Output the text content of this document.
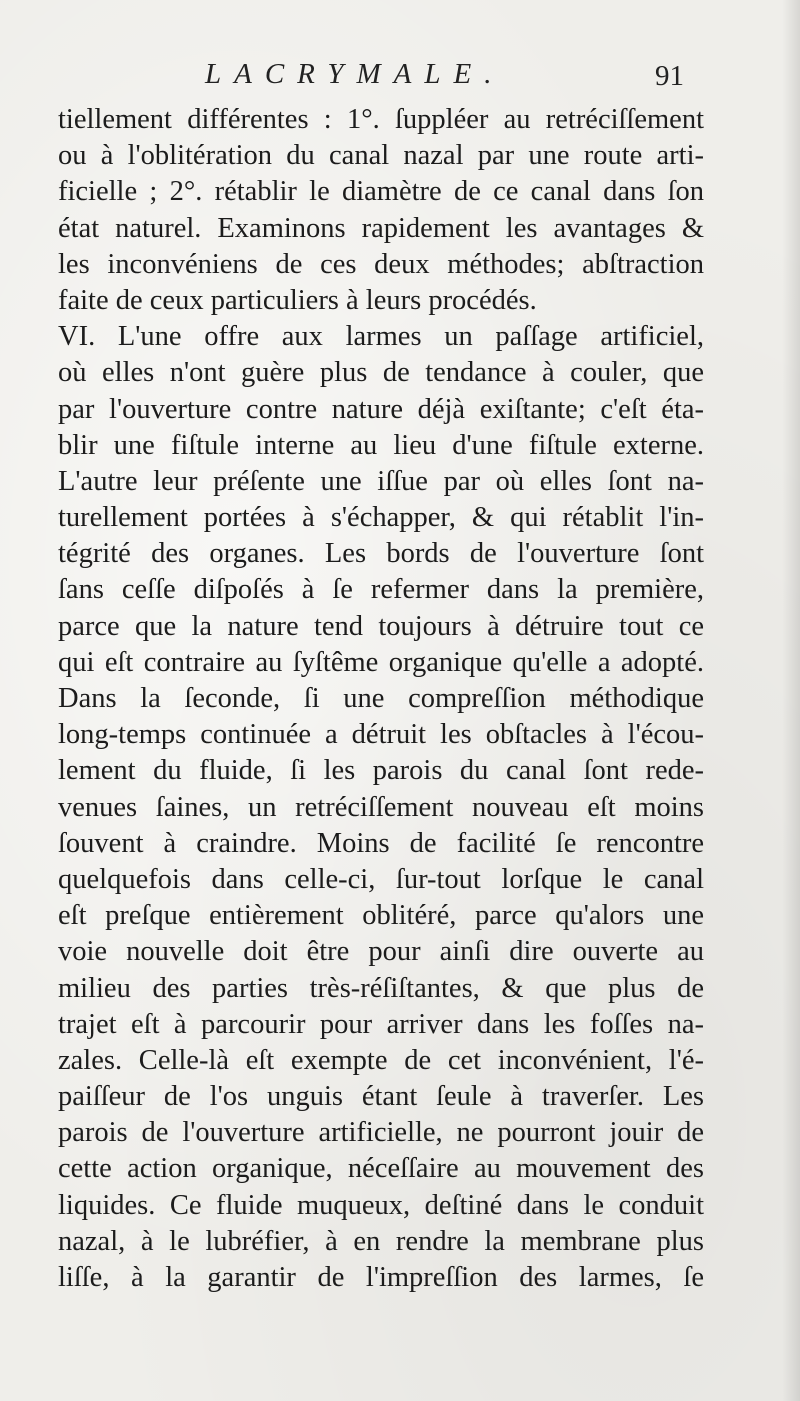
LACRYMALE.	91
tiellement différentes : 1°. ſuppléer au retréciſſement
ou à l'oblitération du canal nazal par une route arti-
ficielle ; 2°. rétablir le diamètre de ce canal dans ſon
état naturel. Examinons rapidement les avantages &
les inconvéniens de ces deux méthodes; abſtraction
faite de ceux particuliers à leurs procédés.
VI. L'une offre aux larmes un paſſage artificiel,
où elles n'ont guère plus de tendance à couler, que
par l'ouverture contre nature déjà exiſtante; c'eſt éta-
blir une fiſtule interne au lieu d'une fiſtule externe.
L'autre leur préſente une iſſue par où elles ſont na-
turellement portées à s'échapper, & qui rétablit l'in-
tégrité des organes. Les bords de l'ouverture ſont
ſans ceſſe diſpoſés à ſe refermer dans la première,
parce que la nature tend toujours à détruire tout ce
qui eſt contraire au ſyſtême organique qu'elle a adopté.
Dans la ſeconde, ſi une compreſſion méthodique
long-temps continuée a détruit les obſtacles à l'écou-
lement du fluide, ſi les parois du canal ſont rede-
venues ſaines, un retréciſſement nouveau eſt moins
ſouvent à craindre. Moins de facilité ſe rencontre
quelquefois dans celle-ci, ſur-tout lorſque le canal
eſt preſque entièrement oblitéré, parce qu'alors une
voie nouvelle doit être pour ainſi dire ouverte au
milieu des parties très-réſiſtantes, & que plus de
trajet eſt à parcourir pour arriver dans les foſſes na-
zales. Celle-là eſt exempte de cet inconvénient, l'é-
paiſſeur de l'os unguis étant ſeule à traverſer. Les
parois de l'ouverture artificielle, ne pourront jouir de
cette action organique, néceſſaire au mouvement des
liquides. Ce fluide muqueux, deſtiné dans le conduit
nazal, à le lubréfier, à en rendre la membrane plus
liſſe, à la garantir de l'impreſſion des larmes, ſe
